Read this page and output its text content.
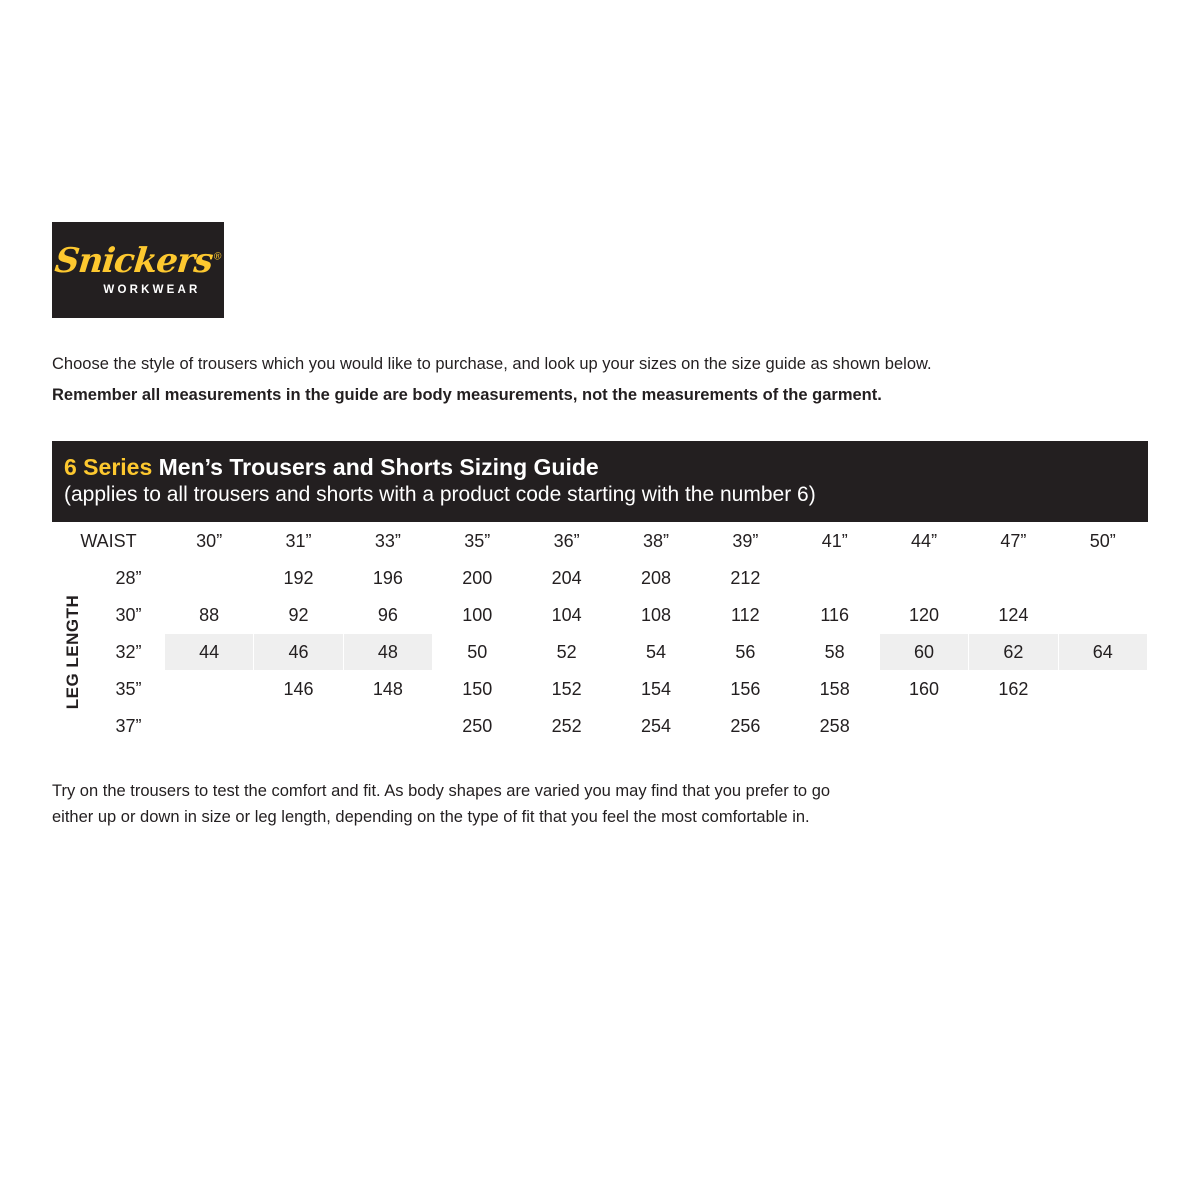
Snickers®
WORKWEAR
Choose the style of trousers which you would like to purchase, and look up your sizes on the size guide as shown below.
Remember all measurements in the guide are body measurements, not the measurements of the garment.
6 Series Men’s Trousers and Shorts Sizing Guide
(applies to all trousers and shorts with a product code starting with the number 6)
WAIST		30”	31”	33”	35”	36”	38”	39”	41”	44”	47”	50”

LEG LENGTH	28”		192	196	200	204	208	212				
	30”	88	92	96	100	104	108	112	116	120	124	
	32”	44	46	48	50	52	54	56	58	60	62	64
	35”		146	148	150	152	154	156	158	160	162	
	37”				250	252	254	256	258			
Try on the trousers to test the comfort and fit. As body shapes are varied you may find that you prefer to go
either up or down in size or leg length, depending on the type of fit that you feel the most comfortable in.
